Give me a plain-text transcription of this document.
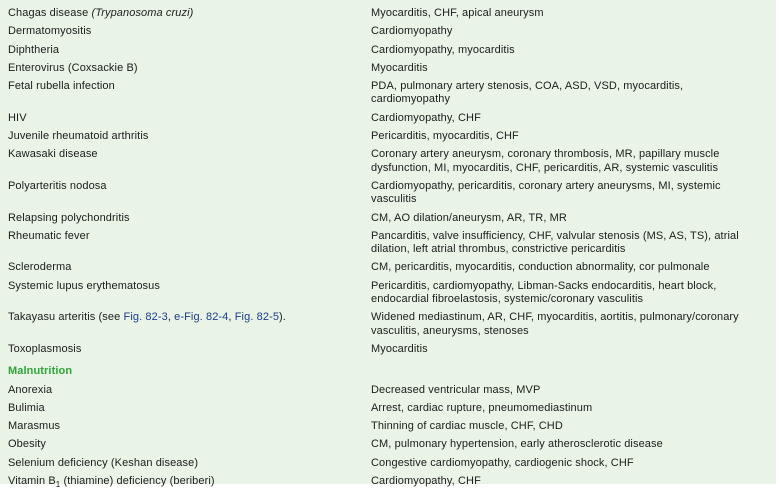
Chagas disease (Trypanosoma cruzi)	Myocarditis, CHF, apical aneurysm
Dermatomyositis	Cardiomyopathy
Diphtheria	Cardiomyopathy, myocarditis
Enterovirus (Coxsackie B)	Myocarditis
Fetal rubella infection	PDA, pulmonary artery stenosis, COA, ASD, VSD, myocarditis,
cardiomyopathy
HIV	Cardiomyopathy, CHF
Juvenile rheumatoid arthritis	Pericarditis, myocarditis, CHF
Kawasaki disease	Coronary artery aneurysm, coronary thrombosis, MR, papillary muscle
dysfunction, MI, myocarditis, CHF, pericarditis, AR, systemic vasculitis
Polyarteritis nodosa	Cardiomyopathy, pericarditis, coronary artery aneurysms, MI, systemic
vasculitis
Relapsing polychondritis	CM, AO dilation/aneurysm, AR, TR, MR
Rheumatic fever	Pancarditis, valve insufficiency, CHF, valvular stenosis (MS, AS, TS), atrial
dilation, left atrial thrombus, constrictive pericarditis
Scleroderma	CM, pericarditis, myocarditis, conduction abnormality, cor pulmonale
Systemic lupus erythematosus	Pericarditis, cardiomyopathy, Libman-Sacks endocarditis, heart block,
endocardial fibroelastosis, systemic/coronary vasculitis
Takayasu arteritis (see Fig. 82-3, e-Fig. 82-4, Fig. 82-5).	Widened mediastinum, AR, CHF, myocarditis, aortitis, pulmonary/coronary
vasculitis, aneurysms, stenoses
Toxoplasmosis	Myocarditis
Malnutrition
Anorexia	Decreased ventricular mass, MVP
Bulimia	Arrest, cardiac rupture, pneumomediastinum
Marasmus	Thinning of cardiac muscle, CHF, CHD
Obesity	CM, pulmonary hypertension, early atherosclerotic disease
Selenium deficiency (Keshan disease)	Congestive cardiomyopathy, cardiogenic shock, CHF
Vitamin $B_1$ (thiamine) deficiency (beriberi)	Cardiomyopathy, CHF
